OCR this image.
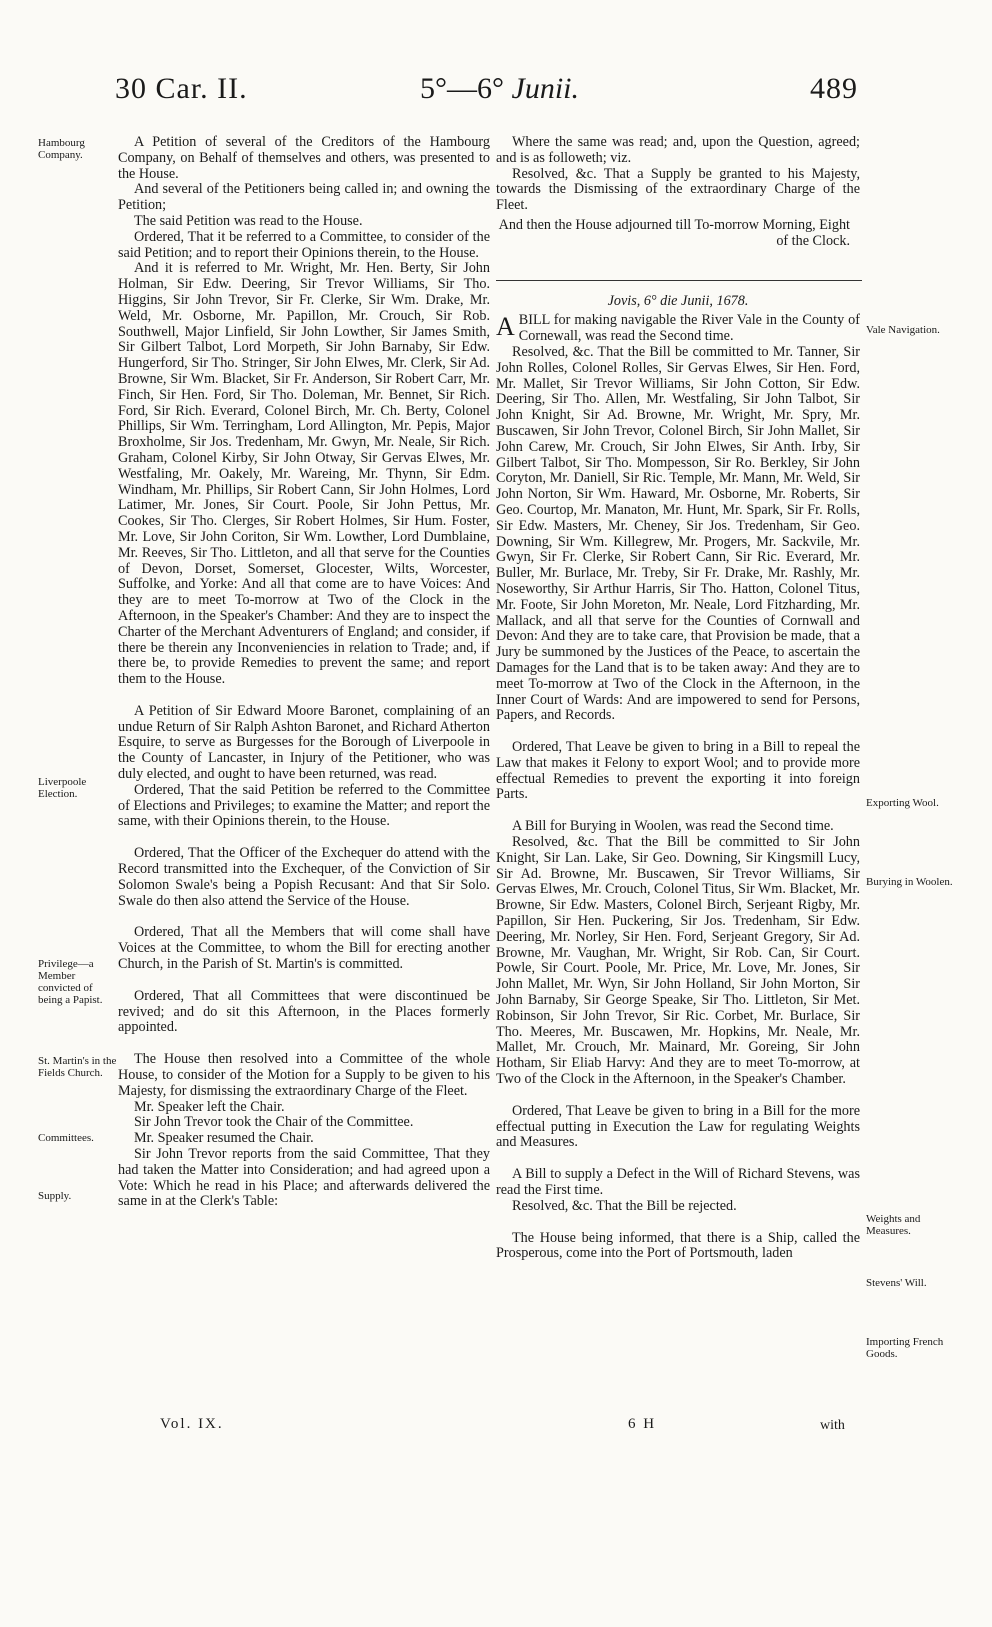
30 Car. II.	5°—6° Junii.	489
Hambourg Company.
Liverpoole Election.
Privilege—a Member convicted of being a Papist.
St. Martin's in the Fields Church.
Committees.
Supply.
Vale Navigation.
Exporting Wool.
Burying in Woolen.
Weights and Measures.
Stevens' Will.
Importing French Goods.

A Petition of several of the Creditors of the Hambourg Company, on Behalf of themselves and others, was presented to the House.

And several of the Petitioners being called in; and owning the Petition;

The said Petition was read to the House.

Ordered, That it be referred to a Committee, to consider of the said Petition; and to report their Opinions therein, to the House.

And it is referred to Mr. Wright, Mr. Hen. Berty, Sir John Holman, Sir Edw. Deering, Sir Trevor Williams, Sir Tho. Higgins, Sir John Trevor, Sir Fr. Clerke, Sir Wm. Drake, Mr. Weld, Mr. Osborne, Mr. Papillon, Mr. Crouch, Sir Rob. Southwell, Major Linfield, Sir John Lowther, Sir James Smith, Sir Gilbert Talbot, Lord Morpeth, Sir John Barnaby, Sir Edw. Hungerford, Sir Tho. Stringer, Sir John Elwes, Mr. Clerk, Sir Ad. Browne, Sir Wm. Blacket, Sir Fr. Anderson, Sir Robert Carr, Mr. Finch, Sir Hen. Ford, Sir Tho. Doleman, Mr. Bennet, Sir Rich. Ford, Sir Rich. Everard, Colonel Birch, Mr. Ch. Berty, Colonel Phillips, Sir Wm. Terringham, Lord Allington, Mr. Pepis, Major Broxholme, Sir Jos. Tredenham, Mr. Gwyn, Mr. Neale, Sir Rich. Graham, Colonel Kirby, Sir John Otway, Sir Gervas Elwes, Mr. Westfaling, Mr. Oakely, Mr. Wareing, Mr. Thynn, Sir Edm. Windham, Mr. Phillips, Sir Robert Cann, Sir John Holmes, Lord Latimer, Mr. Jones, Sir Court. Poole, Sir John Pettus, Mr. Cookes, Sir Tho. Clerges, Sir Robert Holmes, Sir Hum. Foster, Mr. Love, Sir John Coriton, Sir Wm. Lowther, Lord Dumblaine, Mr. Reeves, Sir Tho. Littleton, and all that serve for the Counties of Devon, Dorset, Somerset, Glocester, Wilts, Worcester, Suffolke, and Yorke: And all that come are to have Voices: And they are to meet To-morrow at Two of the Clock in the Afternoon, in the Speaker's Chamber: And they are to inspect the Charter of the Merchant Adventurers of England; and consider, if there be therein any Inconveniencies in relation to Trade; and, if there be, to provide Remedies to prevent the same; and report them to the House.

A Petition of Sir Edward Moore Baronet, complaining of an undue Return of Sir Ralph Ashton Baronet, and Richard Atherton Esquire, to serve as Burgesses for the Borough of Liverpoole in the County of Lancaster, in Injury of the Petitioner, who was duly elected, and ought to have been returned, was read.

Ordered, That the said Petition be referred to the Committee of Elections and Privileges; to examine the Matter; and report the same, with their Opinions therein, to the House.

Ordered, That the Officer of the Exchequer do attend with the Record transmitted into the Exchequer, of the Conviction of Sir Solomon Swale's being a Popish Recusant: And that Sir Solo. Swale do then also attend the Service of the House.

Ordered, That all the Members that will come shall have Voices at the Committee, to whom the Bill for erecting another Church, in the Parish of St. Martin's is committed.

Ordered, That all Committees that were discontinued be revived; and do sit this Afternoon, in the Places formerly appointed.

The House then resolved into a Committee of the whole House, to consider of the Motion for a Supply to be given to his Majesty, for dismissing the extraordinary Charge of the Fleet.

Mr. Speaker left the Chair.

Sir John Trevor took the Chair of the Committee.

Mr. Speaker resumed the Chair.

Sir John Trevor reports from the said Committee, That they had taken the Matter into Consideration; and had agreed upon a Vote: Which he read in his Place; and afterwards delivered the same in at the Clerk's Table:

Where the same was read; and, upon the Question, agreed; and is as followeth; viz.

Resolved, &c. That a Supply be granted to his Majesty, towards the Dismissing of the extraordinary Charge of the Fleet.

And then the House adjourned till To-morrow Morning, Eight of the Clock.

Jovis, 6° die Junii, 1678.

ABILL for making navigable the River Vale in the County of Cornewall, was read the Second time.

Resolved, &c. That the Bill be committed to Mr. Tanner, Sir John Rolles, Colonel Rolles, Sir Gervas Elwes, Sir Hen. Ford, Mr. Mallet, Sir Trevor Williams, Sir John Cotton, Sir Edw. Deering, Sir Tho. Allen, Mr. Westfaling, Sir John Talbot, Sir John Knight, Sir Ad. Browne, Mr. Wright, Mr. Spry, Mr. Buscawen, Sir John Trevor, Colonel Birch, Sir John Mallet, Sir John Carew, Mr. Crouch, Sir John Elwes, Sir Anth. Irby, Sir Gilbert Talbot, Sir Tho. Mompesson, Sir Ro. Berkley, Sir John Coryton, Mr. Daniell, Sir Ric. Temple, Mr. Mann, Mr. Weld, Sir John Norton, Sir Wm. Haward, Mr. Osborne, Mr. Roberts, Sir Geo. Courtop, Mr. Manaton, Mr. Hunt, Mr. Spark, Sir Fr. Rolls, Sir Edw. Masters, Mr. Cheney, Sir Jos. Tredenham, Sir Geo. Downing, Sir Wm. Killegrew, Mr. Progers, Mr. Sackvile, Mr. Gwyn, Sir Fr. Clerke, Sir Robert Cann, Sir Ric. Everard, Mr. Buller, Mr. Burlace, Mr. Treby, Sir Fr. Drake, Mr. Rashly, Mr. Noseworthy, Sir Arthur Harris, Sir Tho. Hatton, Colonel Titus, Mr. Foote, Sir John Moreton, Mr. Neale, Lord Fitzharding, Mr. Mallack, and all that serve for the Counties of Cornwall and Devon: And they are to take care, that Provision be made, that a Jury be summoned by the Justices of the Peace, to ascertain the Damages for the Land that is to be taken away: And they are to meet To-morrow at Two of the Clock in the Afternoon, in the Inner Court of Wards: And are impowered to send for Persons, Papers, and Records.

Ordered, That Leave be given to bring in a Bill to repeal the Law that makes it Felony to export Wool; and to provide more effectual Remedies to prevent the exporting it into foreign Parts.

A Bill for Burying in Woolen, was read the Second time.

Resolved, &c. That the Bill be committed to Sir John Knight, Sir Lan. Lake, Sir Geo. Downing, Sir Kingsmill Lucy, Sir Ad. Browne, Mr. Buscawen, Sir Trevor Williams, Sir Gervas Elwes, Mr. Crouch, Colonel Titus, Sir Wm. Blacket, Mr. Browne, Sir Edw. Masters, Colonel Birch, Serjeant Rigby, Mr. Papillon, Sir Hen. Puckering, Sir Jos. Tredenham, Sir Edw. Deering, Mr. Norley, Sir Hen. Ford, Serjeant Gregory, Sir Ad. Browne, Mr. Vaughan, Mr. Wright, Sir Rob. Can, Sir Court. Powle, Sir Court. Poole, Mr. Price, Mr. Love, Mr. Jones, Sir John Mallet, Mr. Wyn, Sir John Holland, Sir John Morton, Sir John Barnaby, Sir George Speake, Sir Tho. Littleton, Sir Met. Robinson, Sir John Trevor, Sir Ric. Corbet, Mr. Burlace, Sir Tho. Meeres, Mr. Buscawen, Mr. Hopkins, Mr. Neale, Mr. Mallet, Mr. Crouch, Mr. Mainard, Mr. Goreing, Sir John Hotham, Sir Eliab Harvy: And they are to meet To-morrow, at Two of the Clock in the Afternoon, in the Speaker's Chamber.

Ordered, That Leave be given to bring in a Bill for the more effectual putting in Execution the Law for regulating Weights and Measures.

A Bill to supply a Defect in the Will of Richard Stevens, was read the First time.

Resolved, &c. That the Bill be rejected.

The House being informed, that there is a Ship, called the Prosperous, come into the Port of Portsmouth, laden

Vol. IX.	6 H	with
